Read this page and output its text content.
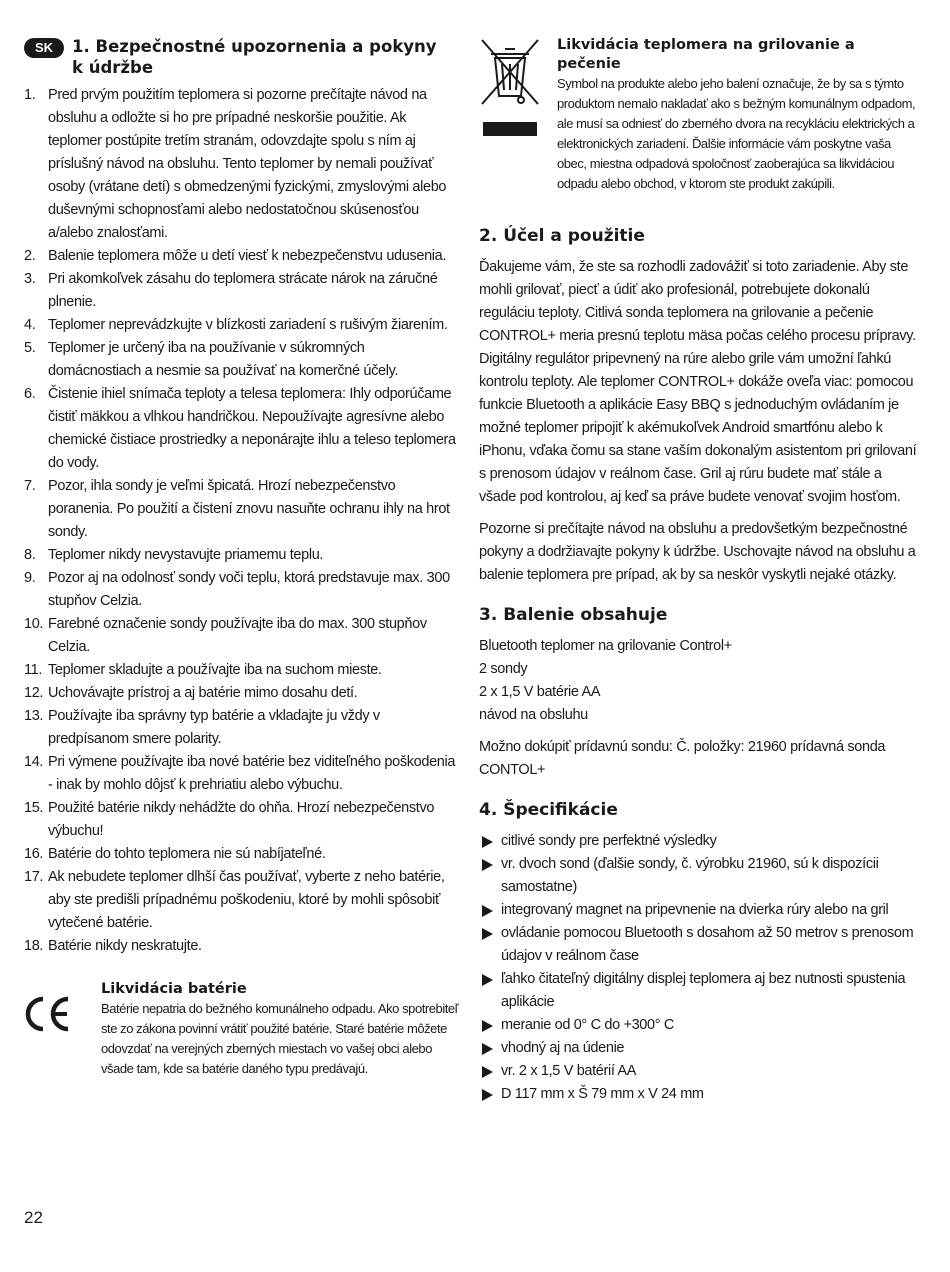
SK	1. Bezpečnostné upozornenia a pokyny
k údržbe
1. Pred prvým použitím teplomera si pozorne prečítajte návod na obsluhu a odložte si ho pre prípadné neskoršie použitie. Ak teplomer postúpite tretím stranám, odovzdajte spolu s ním aj príslušný návod na obsluhu. Tento teplomer by nemali používať osoby (vrátane detí) s obmedzenými fyzickými, zmyslovými alebo duševnými schopnosťami alebo nedostatočnou skúsenosťou a/alebo znalosťami.
2. Balenie teplomera môže u detí viesť k nebezpečenstvu udusenia.
3. Pri akomkoľvek zásahu do teplomera strácate nárok na záručné plnenie.
4. Teplomer neprevádzkujte v blízkosti zariadení s rušivým žiarením.
5. Teplomer je určený iba na používanie v súkromných domácnostiach a nesmie sa používať na komerčné účely.
6. Čistenie ihiel snímača teploty a telesa teplomera: Ihly odporúčame čistiť mäkkou a vlhkou handričkou. Nepoužívajte agresívne alebo chemické čistiace prostriedky a neponárajte ihlu a teleso teplomera do vody.
7. Pozor, ihla sondy je veľmi špicatá. Hrozí nebezpečenstvo poranenia. Po použití a čistení znovu nasuňte ochranu ihly na hrot sondy.
8. Teplomer nikdy nevystavujte priamemu teplu.
9. Pozor aj na odolnosť sondy voči teplu, ktorá predstavuje max. 300 stupňov Celzia.
10. Farebné označenie sondy používajte iba do max. 300 stupňov Celzia.
11. Teplomer skladujte a používajte iba na suchom mieste.
12. Uchovávajte prístroj a aj batérie mimo dosahu detí.
13. Používajte iba správny typ batérie a vkladajte ju vždy v predpísanom smere polarity.
14. Pri výmene používajte iba nové batérie bez viditeľného poškodenia - inak by mohlo dôjsť k prehriatiu alebo výbuchu.
15. Použité batérie nikdy nehádžte do ohňa. Hrozí nebezpečenstvo výbuchu!
16. Batérie do tohto teplomera nie sú nabíjateľné.
17. Ak nebudete teplomer dlhší čas používať, vyberte z neho batérie, aby ste predišli prípadnému poškodeniu, ktoré by mohli spôsobiť vytečené batérie.
18. Batérie nikdy neskratujte.
Likvidácia batérie

Batérie nepatria do bežného komunálneho odpadu. Ako spotrebiteľ ste zo zákona povinní vrátiť použité batérie. Staré batérie môžete odovzdať na verejných zberných miestach vo vašej obci alebo všade tam, kde sa batérie daného typu predávajú.

Likvidácia teplomera na grilovanie a pečenie

Symbol na produkte alebo jeho balení označuje, že by sa s týmto produktom nemalo nakladať ako s bežným komunálnym odpadom, ale musí sa odniesť do zberného dvora na recykláciu elektrických a elektronických zariadení. Ďalšie informácie vám poskytne vaša obec, miestna odpadová spoločnosť zaoberajúca sa likvidáciou odpadu alebo obchod, v ktorom ste produkt zakúpili.

2. Účel a použitie

Ďakujeme vám, že ste sa rozhodli zadovážiť si toto zariadenie. Aby ste mohli grilovať, piecť a údiť ako profesionál, potrebujete dokonalú reguláciu teploty. Citlivá sonda teplomera na grilovanie a pečenie CONTROL+ meria presnú teplotu mäsa počas celého procesu prípravy. Digitálny regulátor pripevnený na rúre alebo grile vám umožní ľahkú kontrolu teploty. Ale teplomer CONTROL+ dokáže oveľa viac: pomocou funkcie Bluetooth a aplikácie Easy BBQ s jednoduchým ovládaním je možné teplomer pripojiť k akémukoľvek Android smartfónu alebo k iPhonu, vďaka čomu sa stane vaším dokonalým asistentom pri grilovaní s prenosom údajov v reálnom čase. Gril aj rúru budete mať stále a všade pod kontrolou, aj keď sa práve budete venovať svojim hosťom.

Pozorne si prečítajte návod na obsluhu a predovšetkým bezpečnostné pokyny a dodržiavajte pokyny k údržbe. Uschovajte návod na obsluhu a balenie teplomera pre prípad, ak by sa neskôr vyskytli nejaké otázky.

3. Balenie obsahuje
Bluetooth teplomer na grilovanie Control+
2 sondy
2 x 1,5 V batérie AA
návod na obsluhu

Možno dokúpiť prídavnú sondu: Č. položky: 21960 prídavná sonda CONTOL+

4. Špecifikácie
citlivé sondy pre perfektné výsledky
vr. dvoch sond (ďalšie sondy, č. výrobku 21960, sú k dispozícii samostatne)
integrovaný magnet na pripevnenie na dvierka rúry alebo na gril
ovládanie pomocou Bluetooth s dosahom až 50 metrov s prenosom údajov v reálnom čase
ľahko čitateľný digitálny displej teplomera aj bez nutnosti spustenia aplikácie
meranie od 0° C do +300° C
vhodný aj na údenie
vr. 2 x 1,5 V batérií AA
D 117 mm x Š 79 mm x V 24 mm
22
